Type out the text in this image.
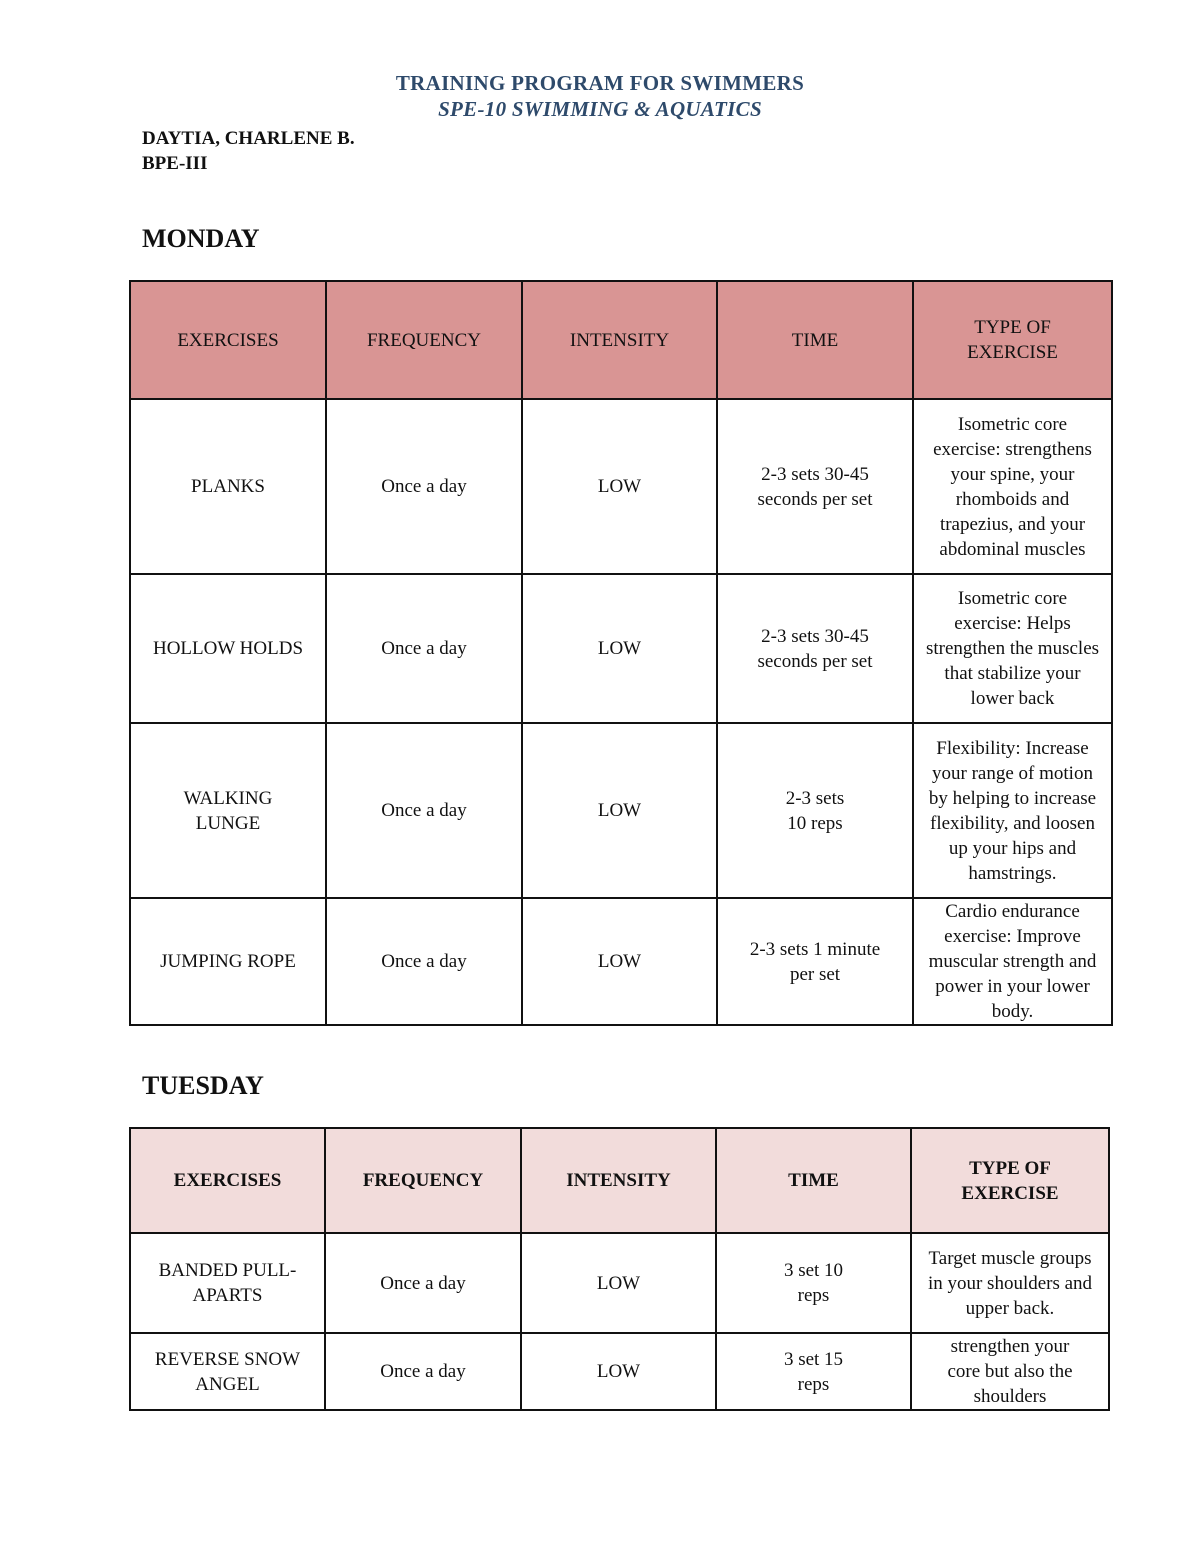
TRAINING PROGRAM FOR SWIMMERS
SPE-10 SWIMMING & AQUATICS
DAYTIA, CHARLENE B.
BPE-III
MONDAY
EXERCISES	FREQUENCY	INTENSITY	TIME	TYPE OF EXERCISE
PLANKS	Once a day	LOW	2-3 sets 30-45 seconds per set	Isometric core exercise: strengthens your spine, your rhomboids and trapezius, and your abdominal muscles
HOLLOW HOLDS	Once a day	LOW	2-3 sets 30-45 seconds per set	Isometric core exercise: Helps strengthen the muscles that stabilize your lower back
WALKING LUNGE	Once a day	LOW	2-3 sets 10 reps	Flexibility: Increase your range of motion by helping to increase flexibility, and loosen up your hips and hamstrings.
JUMPING ROPE	Once a day	LOW	2-3 sets 1 minute per set	Cardio endurance exercise: Improve muscular strength and power in your lower body.
TUESDAY
EXERCISES	FREQUENCY	INTENSITY	TIME	TYPE OF EXERCISE
BANDED PULL-APARTS	Once a day	LOW	3 set 10 reps	Target muscle groups in your shoulders and upper back.
REVERSE SNOW ANGEL	Once a day	LOW	3 set 15 reps	strengthen your core but also the shoulders
